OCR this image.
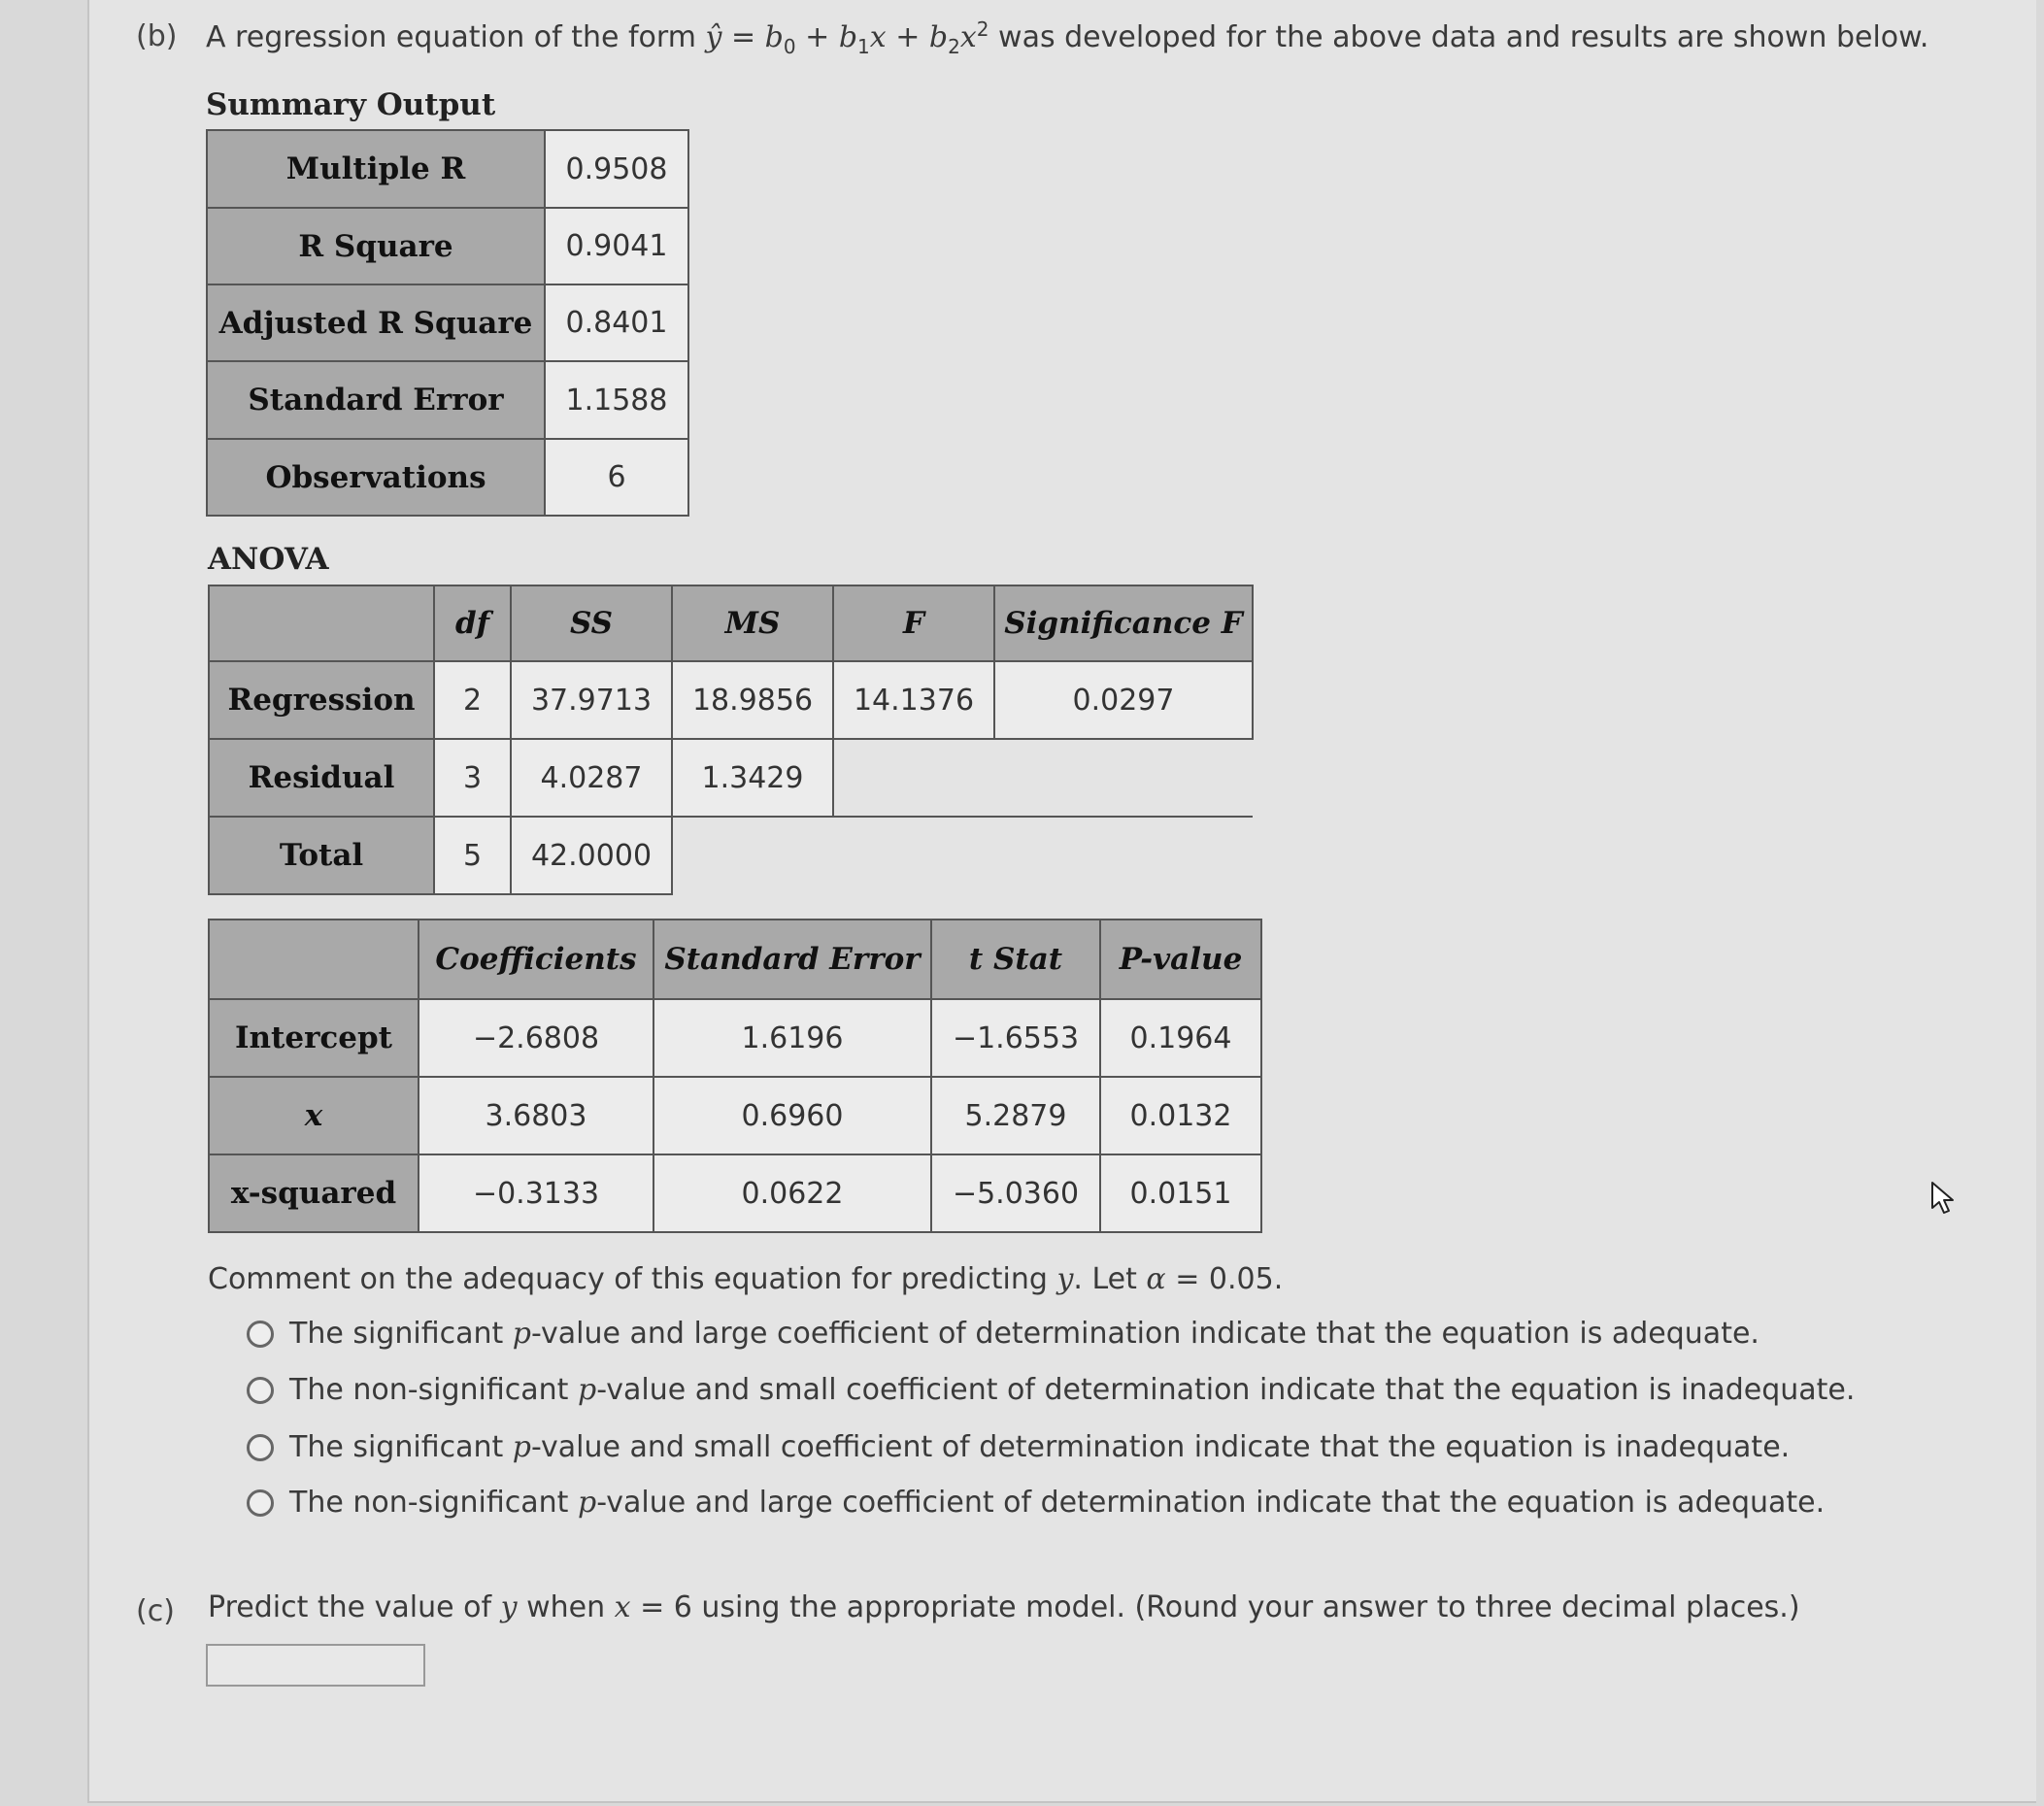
(b) A regression equation of the form ŷ = $b_0 + b_1x + b_2x^2$ was developed for the above data and results are shown below.
Summary Output
Multiple R	0.9508
R Square	0.9041
Adjusted R Square	0.8401
Standard Error	1.1588
Observations	6
ANOVA
	df	SS	MS	F	Significance F
Regression	2	37.9713	18.9856	14.1376	0.0297
Residual	3	4.0287	1.3429		
Total	5	42.0000			
	Coefficients	Standard Error	t Stat	P-value
Intercept	−2.6808	1.6196	−1.6553	0.1964
x	3.6803	0.6960	5.2879	0.0132
x-squared	−0.3133	0.0622	−5.0360	0.0151
Comment on the adequacy of this equation for predicting y. Let α = 0.05.
The significant p-value and large coefficient of determination indicate that the equation is adequate.
The non-significant p-value and small coefficient of determination indicate that the equation is inadequate.
The significant p-value and small coefficient of determination indicate that the equation is inadequate.
The non-significant p-value and large coefficient of determination indicate that the equation is adequate.
(c) Predict the value of y when x = 6 using the appropriate model. (Round your answer to three decimal places.)
